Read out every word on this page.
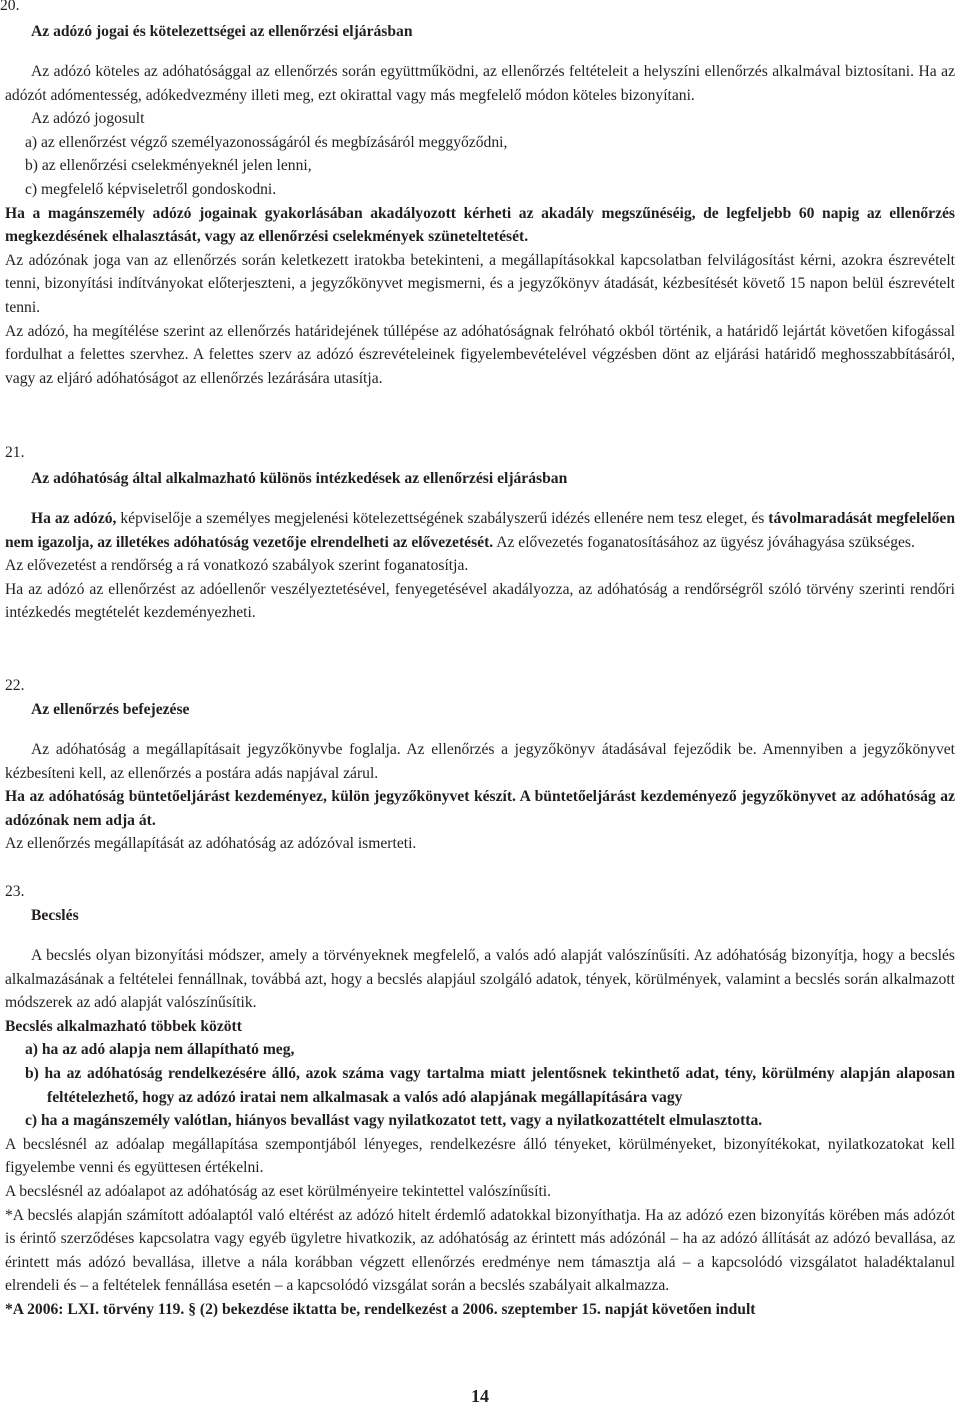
20.
Az adózó jogai és kötelezettségei az ellenőrzési eljárásban

Az adózó köteles az adóhatósággal az ellenőrzés során együttműködni, az ellenőrzés feltételeit a helyszíni ellenőrzés alkalmával biztosítani. Ha az adózót adómentesség, adókedvezmény illeti meg, ezt okirattal vagy más megfelelő módon köteles bizonyítani.

Az adózó jogosult

a) az ellenőrzést végző személyazonosságáról és megbízásáról meggyőződni,
b) az ellenőrzési cselekményeknél jelen lenni,
c) megfelelő képviseletről gondoskodni.

Ha a magánszemély adózó jogainak gyakorlásában akadályozott kérheti az akadály megszűnéséig, de legfeljebb 60 napig az ellenőrzés megkezdésének elhalasztását, vagy az ellenőrzési cselekmények szüneteltetését.

Az adózónak joga van az ellenőrzés során keletkezett iratokba betekinteni, a megállapításokkal kapcsolatban felvilágosítást kérni, azokra észrevételt tenni, bizonyítási indítványokat előterjeszteni, a jegyzőkönyvet megismerni, és a jegyzőkönyv átadását, kézbesítését követő 15 napon belül észrevételt tenni.

Az adózó, ha megítélése szerint az ellenőrzés határidejének túllépése az adóhatóságnak felróható okból történik, a határidő lejártát követően kifogással fordulhat a felettes szervhez. A felettes szerv az adózó észrevételeinek figyelembevételével végzésben dönt az eljárási határidő meghosszabbításáról, vagy az eljáró adóhatóságot az ellenőrzés lezárására utasítja.

21.
Az adóhatóság által alkalmazható különös intézkedések az ellenőrzési eljárásban

Ha az adózó, képviselője a személyes megjelenési kötelezettségének szabályszerű idézés ellenére nem tesz eleget, és távolmaradását megfelelően nem igazolja, az illetékes adóhatóság vezetője elrendelheti az elővezetését. Az elővezetés foganatosításához az ügyész jóváhagyása szükséges.

Az elővezetést a rendőrség a rá vonatkozó szabályok szerint foganatosítja.

Ha az adózó az ellenőrzést az adóellenőr veszélyeztetésével, fenyegetésével akadályozza, az adóhatóság a rendőrségről szóló törvény szerinti rendőri intézkedés megtételét kezdeményezheti.

22.
Az ellenőrzés befejezése

Az adóhatóság a megállapításait jegyzőkönyvbe foglalja. Az ellenőrzés a jegyzőkönyv átadásával fejeződik be. Amennyiben a jegyzőkönyvet kézbesíteni kell, az ellenőrzés a postára adás napjával zárul.

Ha az adóhatóság büntetőeljárást kezdeményez, külön jegyzőkönyvet készít. A büntetőeljárást kezdeményező jegyzőkönyvet az adóhatóság az adózónak nem adja át.

Az ellenőrzés megállapítását az adóhatóság az adózóval ismerteti.

23.
Becslés

A becslés olyan bizonyítási módszer, amely a törvényeknek megfelelő, a valós adó alapját valószínűsíti. Az adóhatóság bizonyítja, hogy a becslés alkalmazásának a feltételei fennállnak, továbbá azt, hogy a becslés alapjául szolgáló adatok, tények, körülmények, valamint a becslés során alkalmazott módszerek az adó alapját valószínűsítik.

Becslés alkalmazható többek között

a) ha az adó alapja nem állapítható meg,
b) ha az adóhatóság rendelkezésére álló, azok száma vagy tartalma miatt jelentősnek tekinthető adat, tény, körülmény alapján alaposan feltételezhető, hogy az adózó iratai nem alkalmasak a valós adó alapjának megállapítására vagy
c) ha a magánszemély valótlan, hiányos bevallást vagy nyilatkozatot tett, vagy a nyilatkozattételt elmulasztotta.

A becslésnél az adóalap megállapítása szempontjából lényeges, rendelkezésre álló tényeket, körülményeket, bizonyítékokat, nyilatkozatokat kell figyelembe venni és együttesen értékelni.

A becslésnél az adóalapot az adóhatóság az eset körülményeire tekintettel valószínűsíti.

*A becslés alapján számított adóalaptól való eltérést az adózó hitelt érdemlő adatokkal bizonyíthatja. Ha az adózó ezen bizonyítás körében más adózót is érintő szerződéses kapcsolatra vagy egyéb ügyletre hivatkozik, az adóhatóság az érintett más adózónál – ha az adózó állítását az adózó bevallása, az érintett más adózó bevallása, illetve a nála korábban végzett ellenőrzés eredménye nem támasztja alá – a kapcsolódó vizsgálatot haladéktalanul elrendeli és – a feltételek fennállása esetén – a kapcsolódó vizsgálat során a becslés szabályait alkalmazza.

*A 2006: LXI. törvény 119. § (2) bekezdése iktatta be, rendelkezést a 2006. szeptember 15. napját követően indult

14
